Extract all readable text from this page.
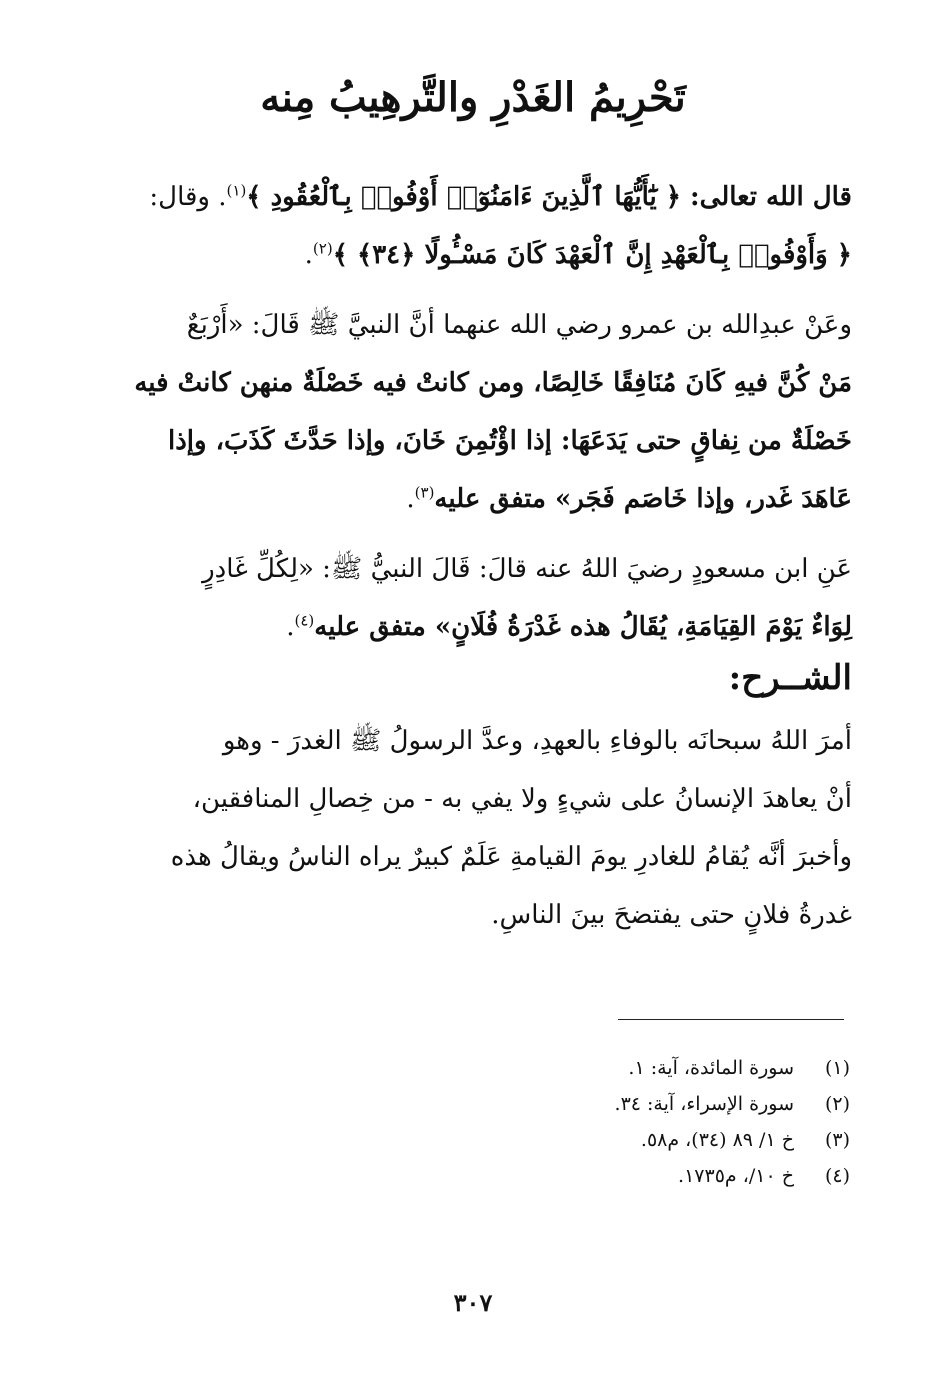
تَحْرِيمُ الغَدْرِ والتَّرهِيبُ مِنه

قال الله تعالى: ﴿ يَٰٓأَيُّهَا ٱلَّذِينَ ءَامَنُوٓا۟ أَوْفُوا۟ بِٱلْعُقُودِ ﴾$^{(١)}$. وقال:
﴿ وَأَوْفُوا۟ بِٱلْعَهْدِ إِنَّ ٱلْعَهْدَ كَانَ مَسْـُٔولًا ﴿٣٤﴾ ﴾$^{(٢)}$.

وعَنْ عبدِالله بن عمرو رضي الله عنهما أنَّ النبيَّ ﷺ قَالَ: «أَرْبَعٌ
مَنْ كُنَّ فيهِ كَانَ مُنَافِقًا خَالِصًا، ومن كانتْ فيه خَصْلَةٌ منهن كانتْ فيه
خَصْلَةٌ من نِفاقٍ حتى يَدَعَهَا: إذا اؤْتُمِنَ خَانَ، وإذا حَدَّثَ كَذَبَ، وإذا
عَاهَدَ غَدر، وإذا خَاصَم فَجَر» متفق عليه$^{(٣)}$.

عَنِ ابن مسعودٍ رضيَ اللهُ عنه قالَ: قَالَ النبيُّ ﷺ: «لِكُلِّ غَادِرٍ
لِوَاءٌ يَوْمَ القِيَامَةِ، يُقَالُ هذه غَدْرَةُ فُلَانٍ» متفق عليه$^{(٤)}$.

الشــرح:

أمرَ اللهُ سبحانَه بالوفاءِ بالعهدِ، وعدَّ الرسولُ ﷺ الغدرَ - وهو
أنْ يعاهدَ الإنسانُ على شيءٍ ولا يفي به - من خِصالِ المنافقين،
وأخبرَ أنَّه يُقامُ للغادرِ يومَ القيامةِ عَلَمٌ كبيرٌ يراه الناسُ ويقالُ هذه
غدرةُ فلانٍ حتى يفتضحَ بينَ الناسِ.

(١)
سورة المائدة، آية: ١.
(٢)
سورة الإسراء، آية: ٣٤.
(٣)
خ ١/ ٨٩ (٣٤)، م٥٨.
(٤)
خ ١٠/، م١٧٣٥.

٣٠٧
